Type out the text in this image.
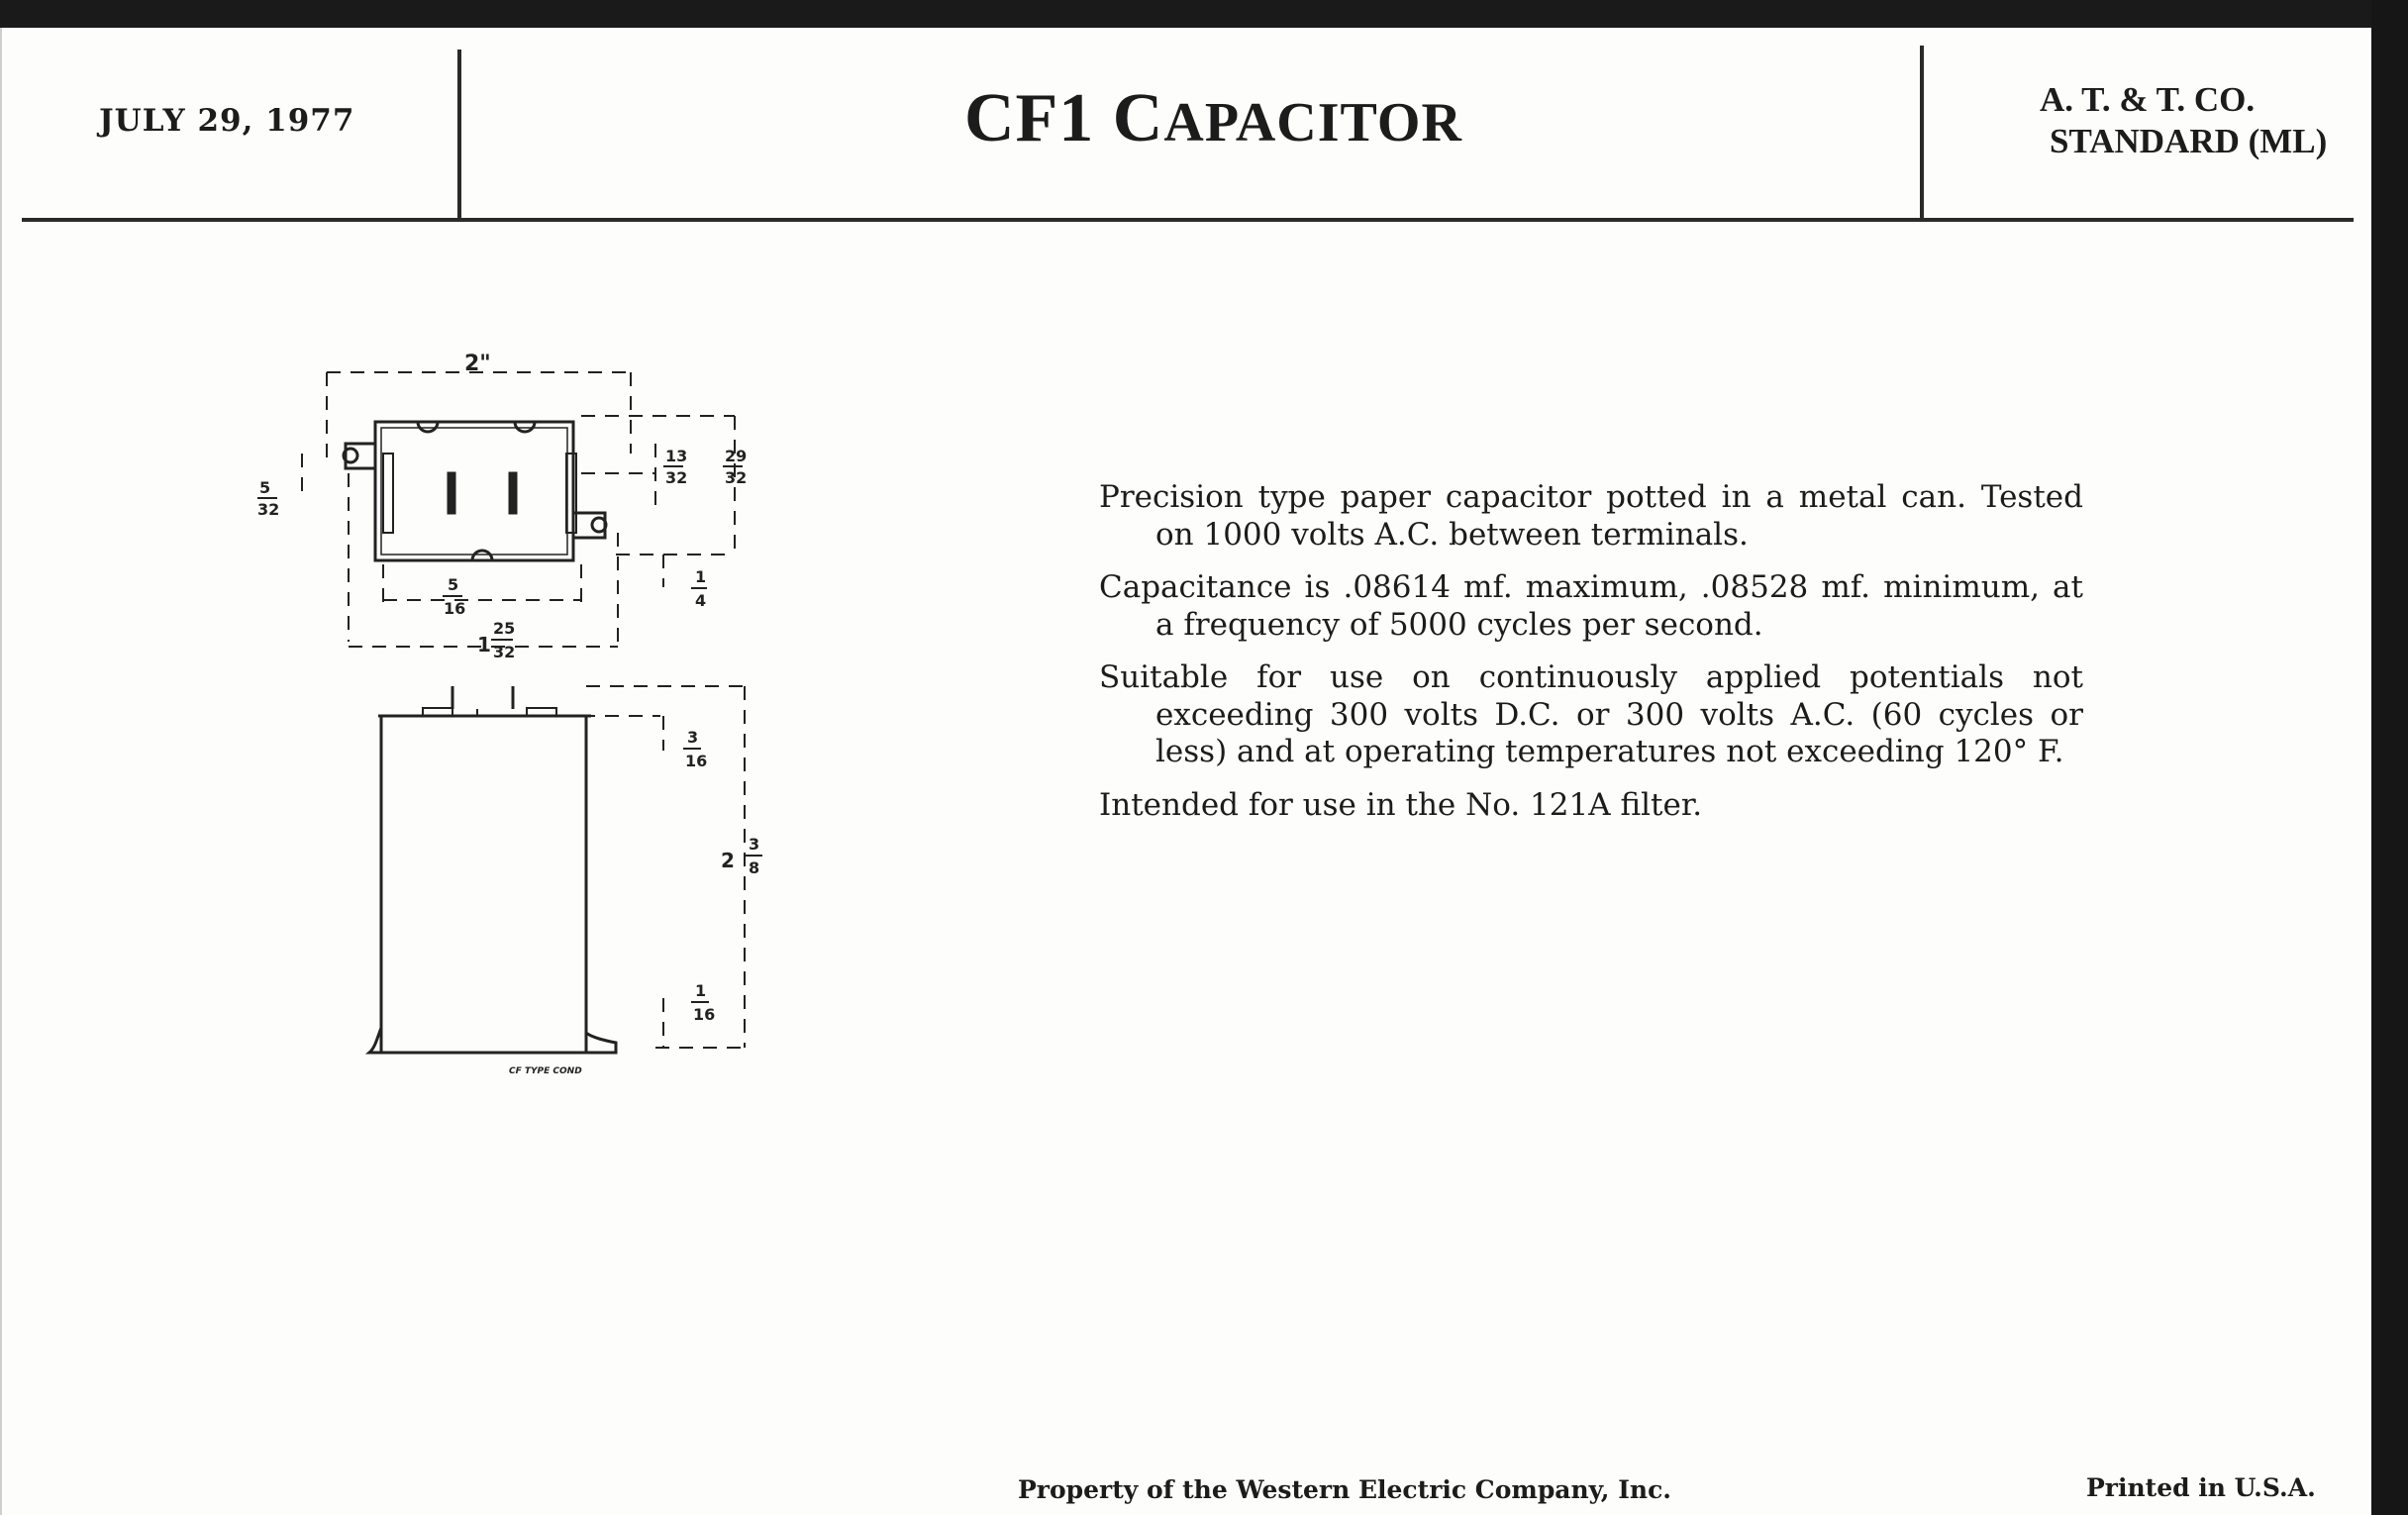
JULY 29, 1977	CF1 CAPACITOR	A. T. & T. CO.
STANDARD (ML)
2"
29
32
13
32
5
32
1
4
5
16
1
25
32
3
16
2
3
8
1
16
CF TYPE COND

Precision type paper capacitor potted in a metal can. Tested on 1000 volts A.C. between terminals.

Capacitance is .08614 mf. maximum, .08528 mf. minimum, at a frequency of 5000 cycles per second.

Suitable for use on continuously applied potentials not exceeding 300 volts D.C. or 300 volts A.C. (60 cycles or less) and at operating temperatures not exceeding 120° F.

Intended for use in the No. 121A filter.

Property of the Western Electric Company, Inc.	Printed in U.S.A.
